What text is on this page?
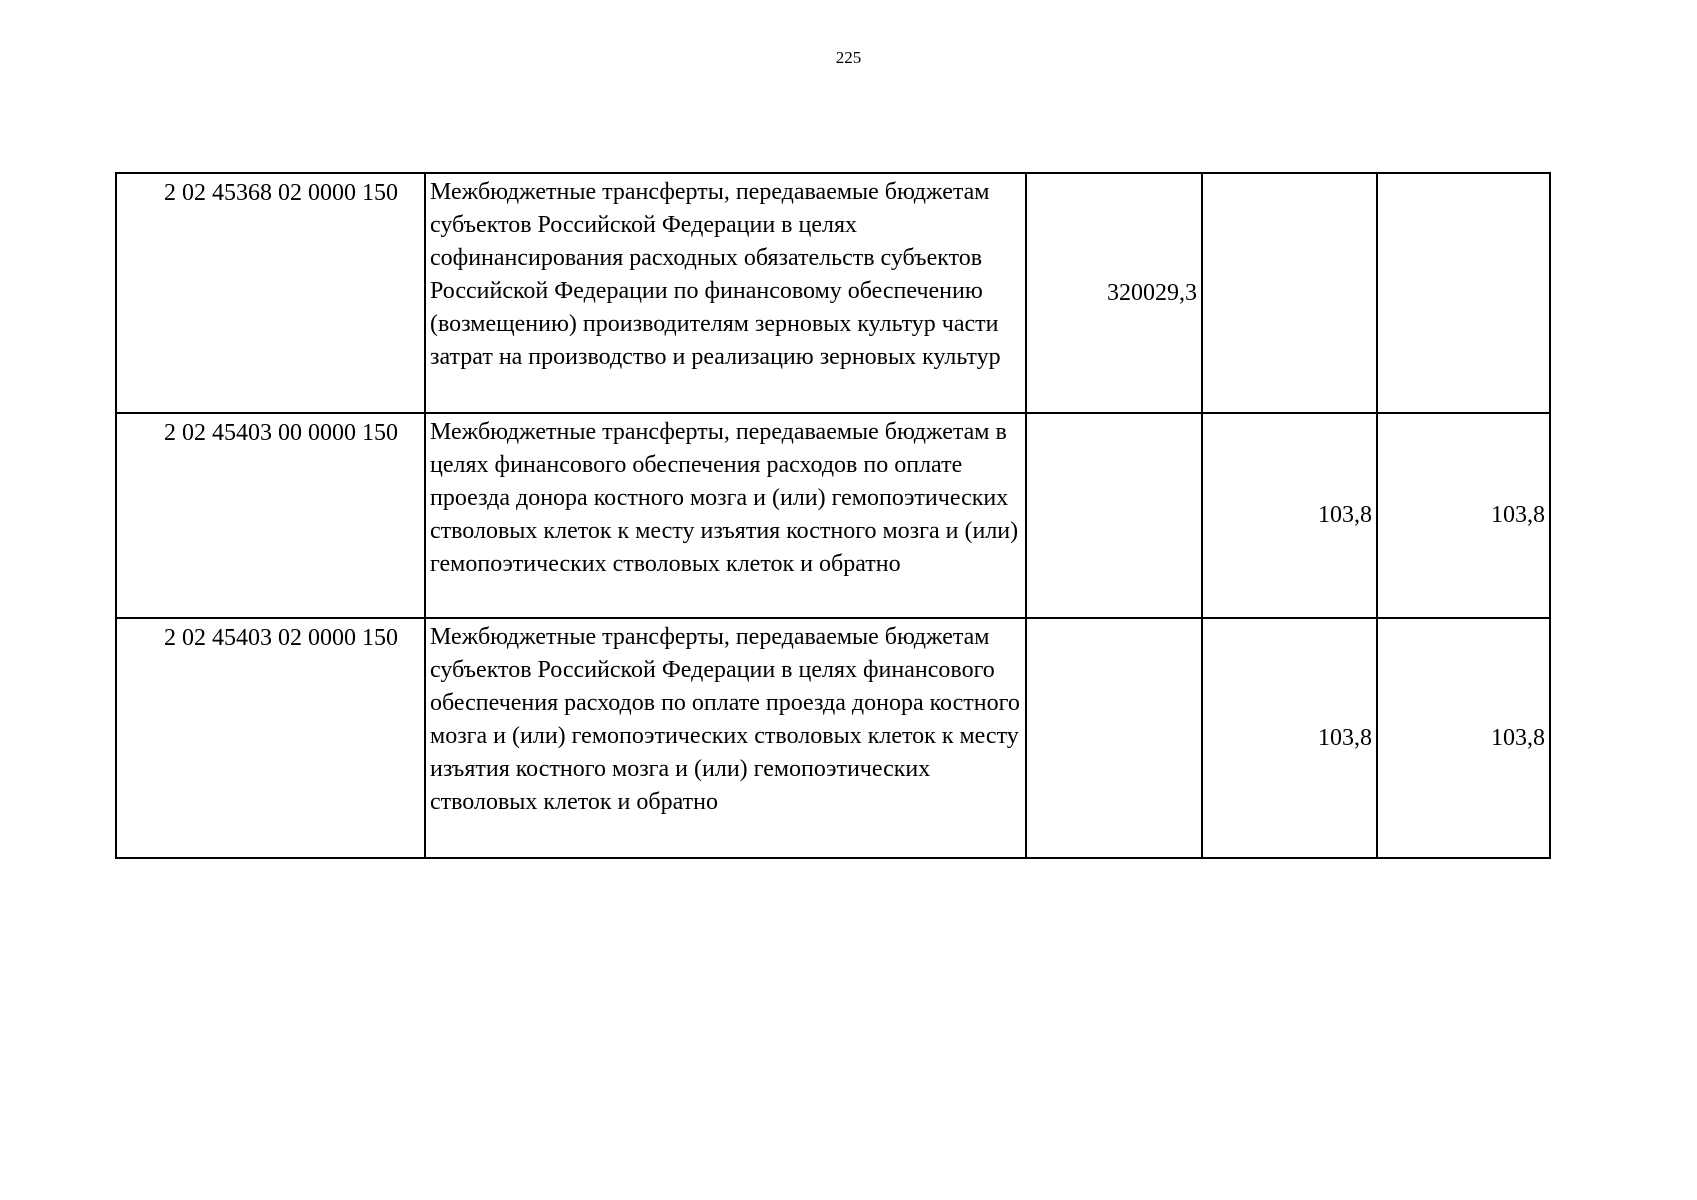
225
2 02 45368 02 0000 150	Межбюджетные трансферты, передаваемые бюджетам субъектов Российской Федерации в целях софинансирования расходных обязательств субъектов Российской Федерации по финансовому обеспечению (возмещению) производителям зерновых культур части затрат на производство и реализацию зерновых культур	320029,3		
2 02 45403 00 0000 150	Межбюджетные трансферты, передаваемые бюджетам в целях финансового обеспечения расходов по оплате проезда донора костного мозга и (или) гемопоэтических стволовых клеток к месту изъятия костного мозга и (или) гемопоэтических стволовых клеток и обратно		103,8	103,8
2 02 45403 02 0000 150	Межбюджетные трансферты, передаваемые бюджетам субъектов Российской Федерации в целях финансового обеспечения расходов по оплате проезда донора костного мозга и (или) гемопоэтических стволовых клеток к месту изъятия костного мозга и (или) гемопоэтических стволовых клеток и обратно		103,8	103,8
